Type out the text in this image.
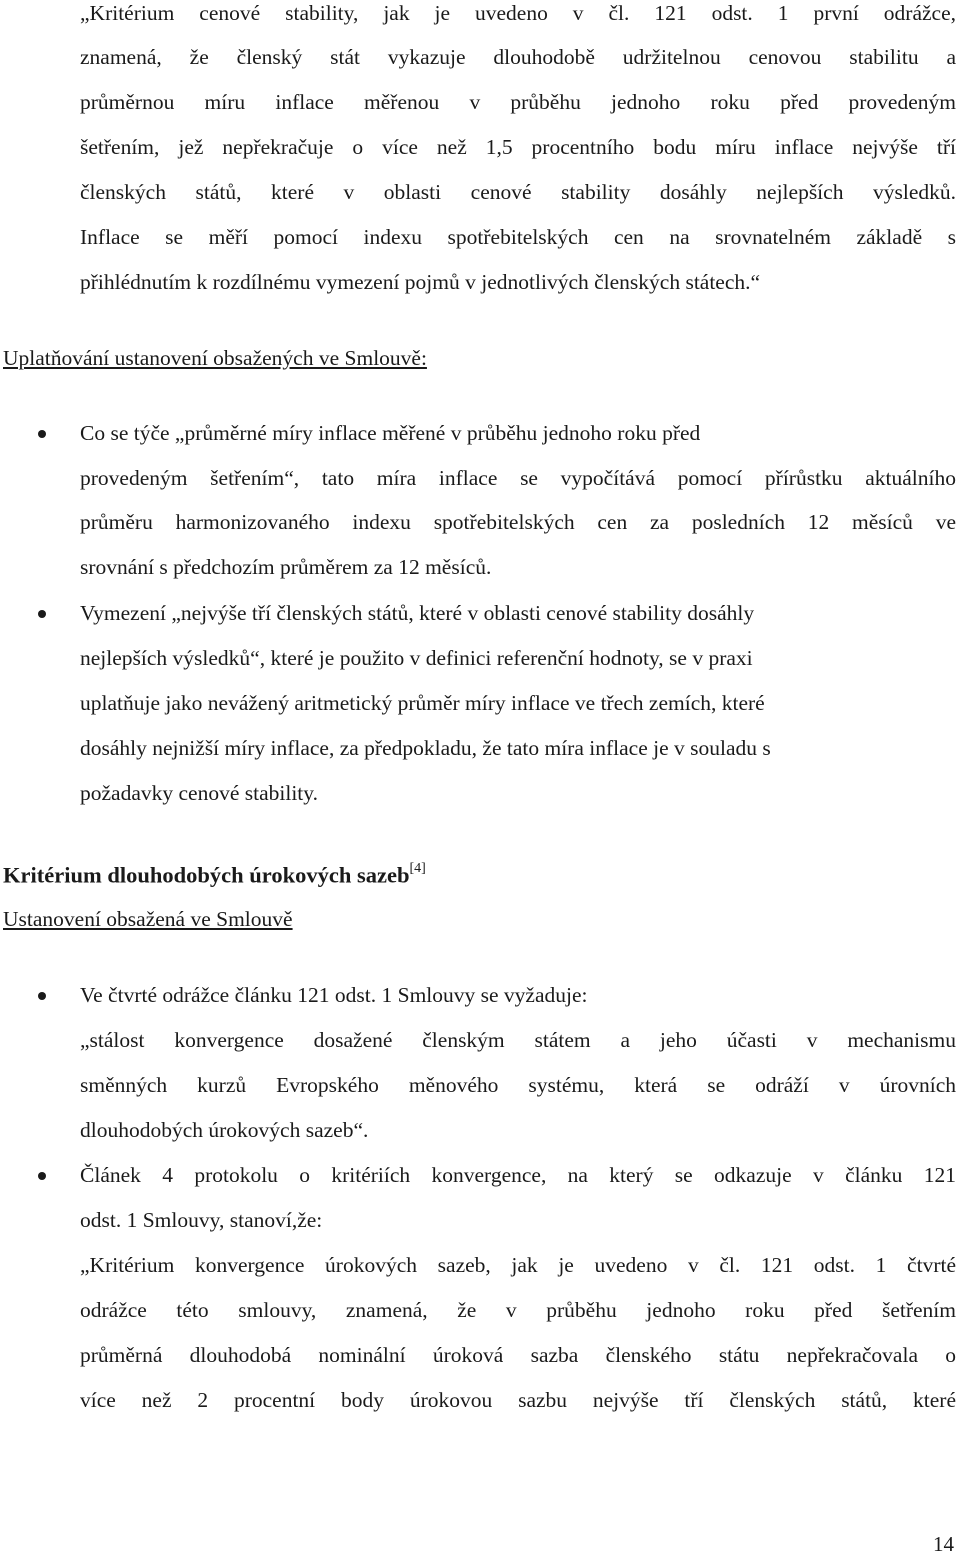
„Kritérium cenové stability, jak je uvedeno v čl. 121 odst. 1 první odrážce,
znamená, že členský stát vykazuje dlouhodobě udržitelnou cenovou stabilitu a
průměrnou míru inflace měřenou v průběhu jednoho roku před provedeným
šetřením, jež nepřekračuje o více než 1,5 procentního bodu míru inflace nejvýše tří
členských států, které v oblasti cenové stability dosáhly nejlepších výsledků.
Inflace se měří pomocí indexu spotřebitelských cen na srovnatelném základě s
přihlédnutím k rozdílnému vymezení pojmů v jednotlivých členských státech.“
Uplatňování ustanovení obsažených ve Smlouvě:
Co se týče „průměrné míry inflace měřené v průběhu jednoho roku před
provedeným šetřením“, tato míra inflace se vypočítává pomocí přírůstku aktuálního
průměru harmonizovaného indexu spotřebitelských cen za posledních 12 měsíců ve
srovnání s předchozím průměrem za 12 měsíců.
Vymezení „nejvýše tří členských států, které v oblasti cenové stability dosáhly
nejlepších výsledků“, které je použito v definici referenční hodnoty, se v praxi
uplatňuje jako nevážený aritmetický průměr míry inflace ve třech zemích, které
dosáhly nejnižší míry inflace, za předpokladu, že tato míra inflace je v souladu s
požadavky cenové stability.
Kritérium dlouhodobých úrokových sazeb[4]
Ustanovení obsažená ve Smlouvě
Ve čtvrté odrážce článku 121 odst. 1 Smlouvy se vyžaduje:
„stálost konvergence dosažené členským státem a jeho účasti v mechanismu
směnných kurzů Evropského měnového systému, která se odráží v úrovních
dlouhodobých úrokových sazeb“.
Článek 4 protokolu o kritériích konvergence, na který se odkazuje v článku 121
odst. 1 Smlouvy, stanoví,že:
„Kritérium konvergence úrokových sazeb, jak je uvedeno v čl. 121 odst. 1 čtvrté
odrážce této smlouvy, znamená, že v průběhu jednoho roku před šetřením
průměrná dlouhodobá nominální úroková sazba členského státu nepřekračovala o
více než 2 procentní body úrokovou sazbu nejvýše tří členských států, které
14
